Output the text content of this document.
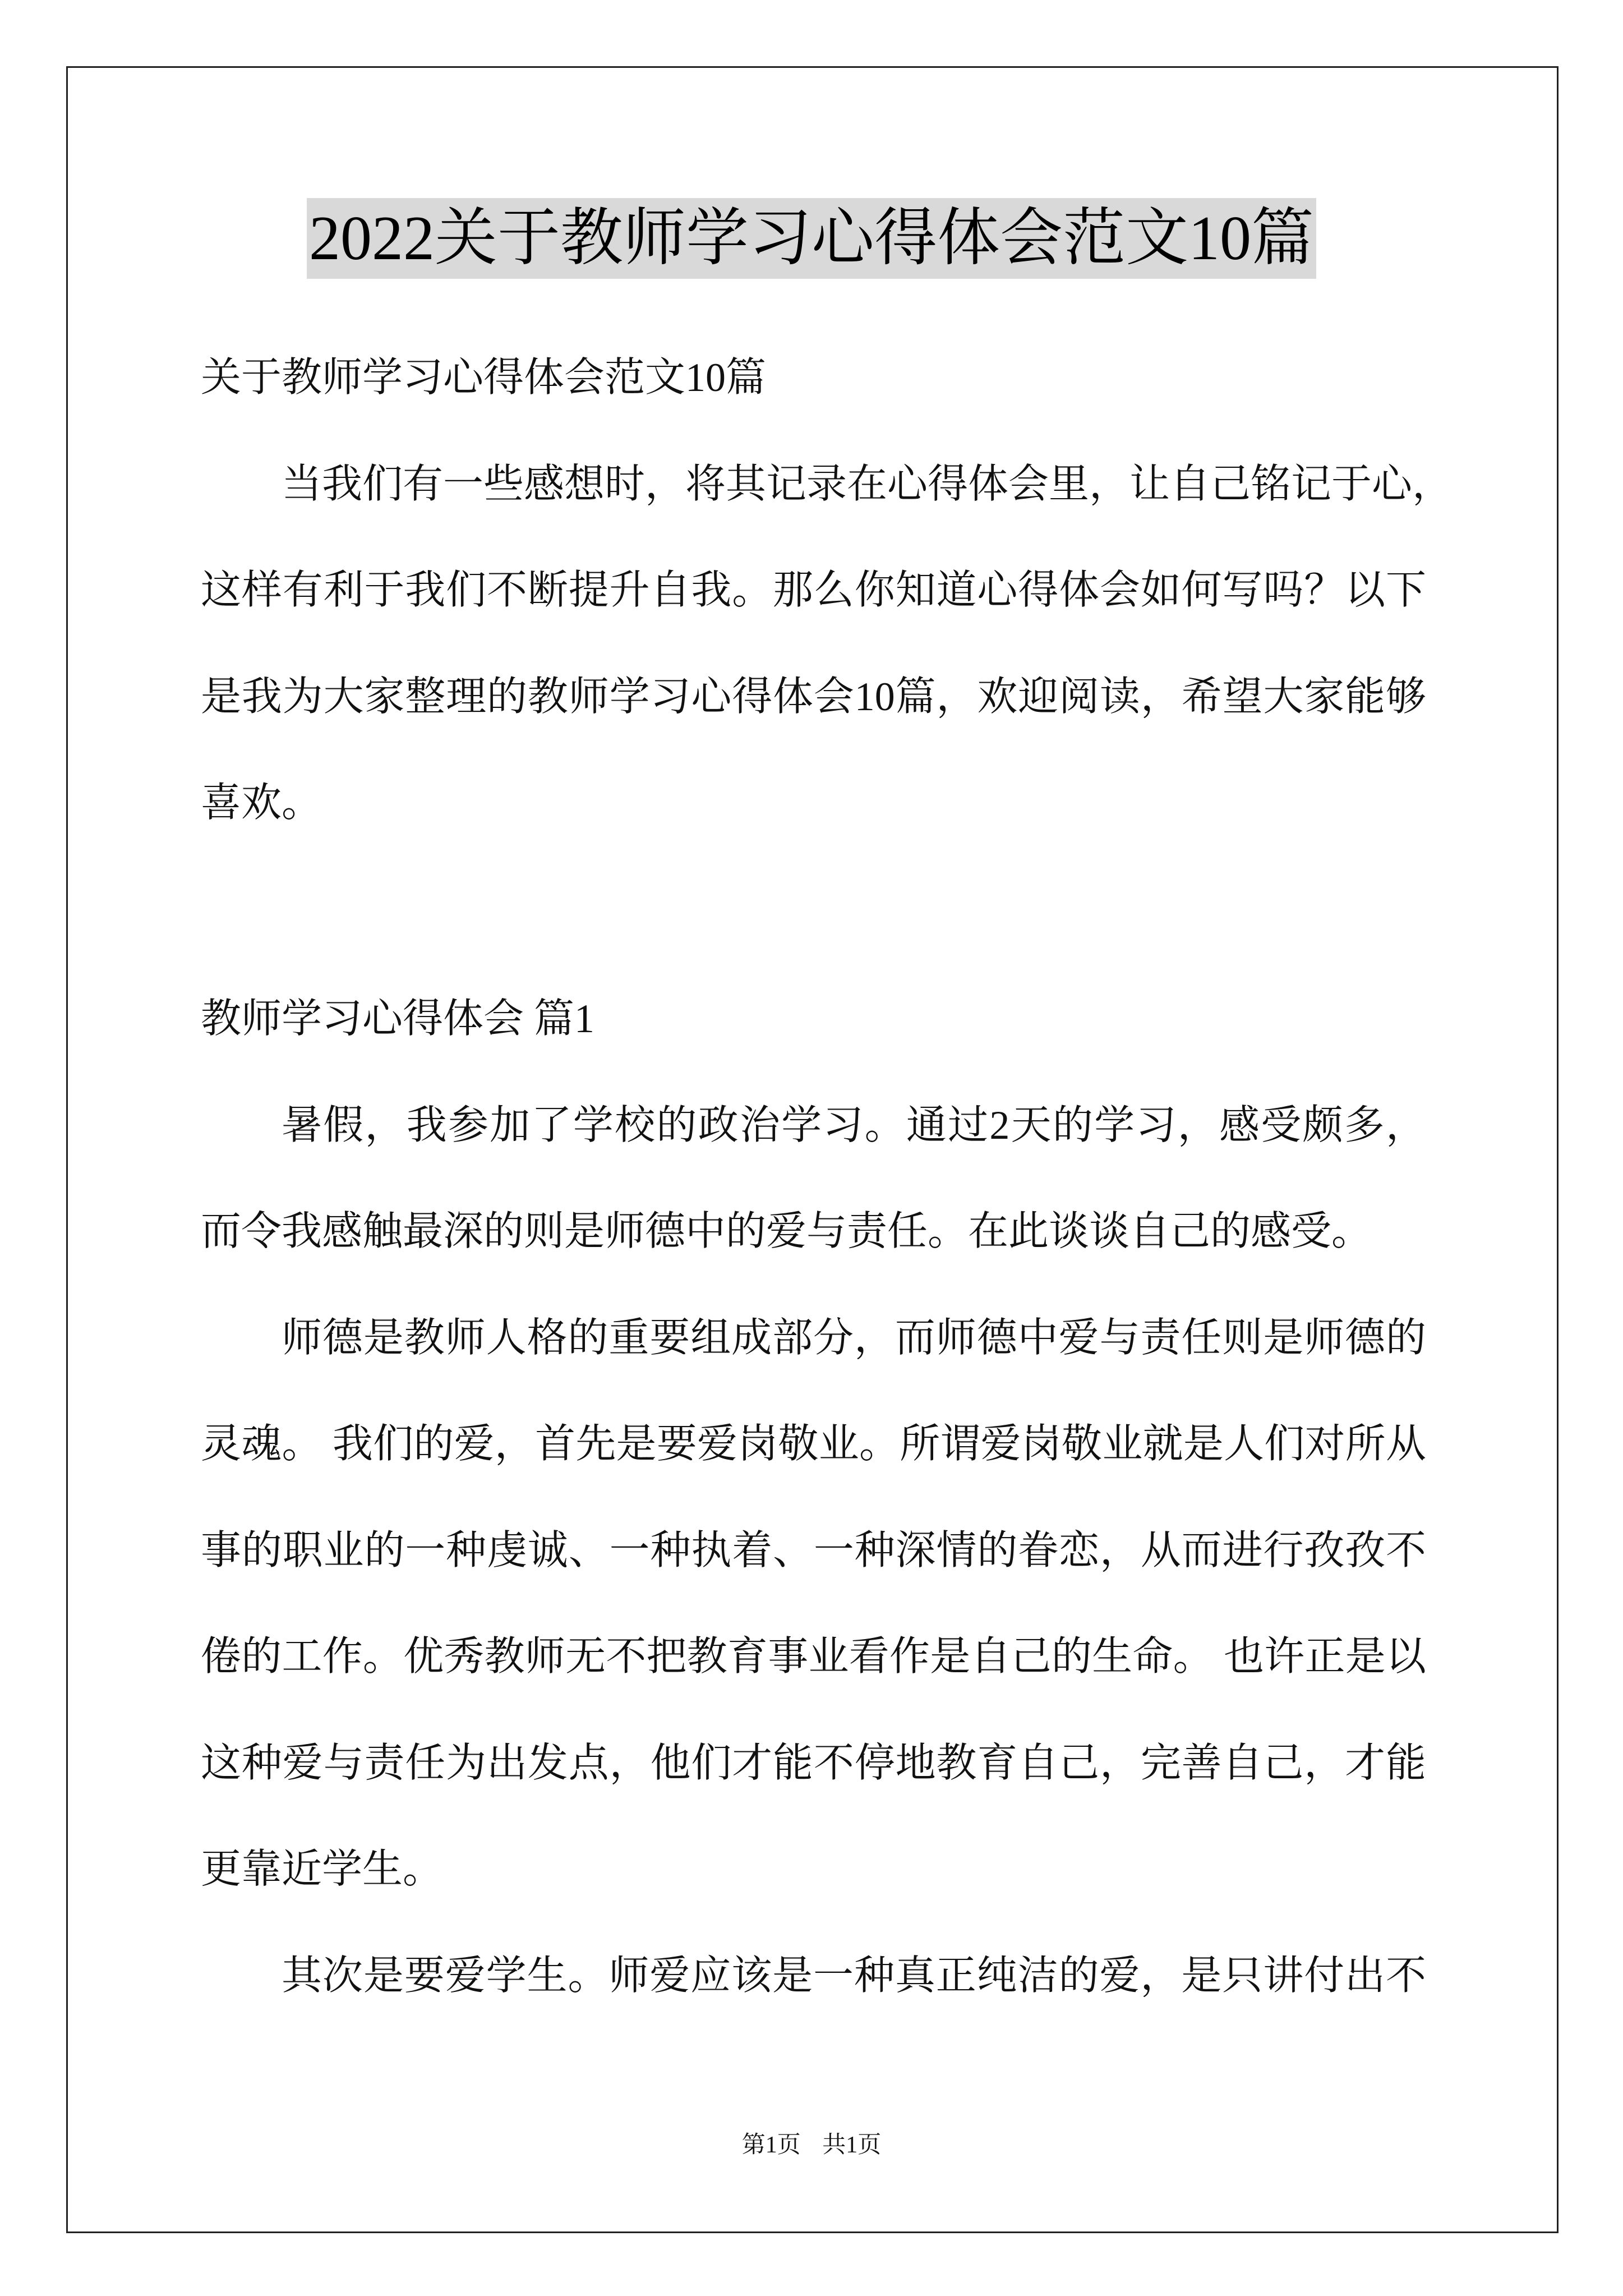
2022关于教师学习心得体会范文10篇
关于教师学习心得体会范文10篇
当我们有一些感想时，将其记录在心得体会里，让自己铭记于心，
这样有利于我们不断提升自我。那么你知道心得体会如何写吗？以下
是我为大家整理的教师学习心得体会10篇，欢迎阅读，希望大家能够
喜欢。
教师学习心得体会 篇1
暑假，我参加了学校的政治学习。通过2天的学习，感受颇多，
而令我感触最深的则是师德中的爱与责任。在此谈谈自己的感受。
师德是教师人格的重要组成部分，而师德中爱与责任则是师德的
灵魂。 我们的爱，首先是要爱岗敬业。所谓爱岗敬业就是人们对所从
事的职业的一种虔诚、一种执着、一种深情的眷恋，从而进行孜孜不
倦的工作。优秀教师无不把教育事业看作是自己的生命。 也许正是以
这种爱与责任为出发点，他们才能不停地教育自己，完善自己，才能
更靠近学生。
其次是要爱学生。师爱应该是一种真正纯洁的爱，是只讲付出不
第1页 共1页
